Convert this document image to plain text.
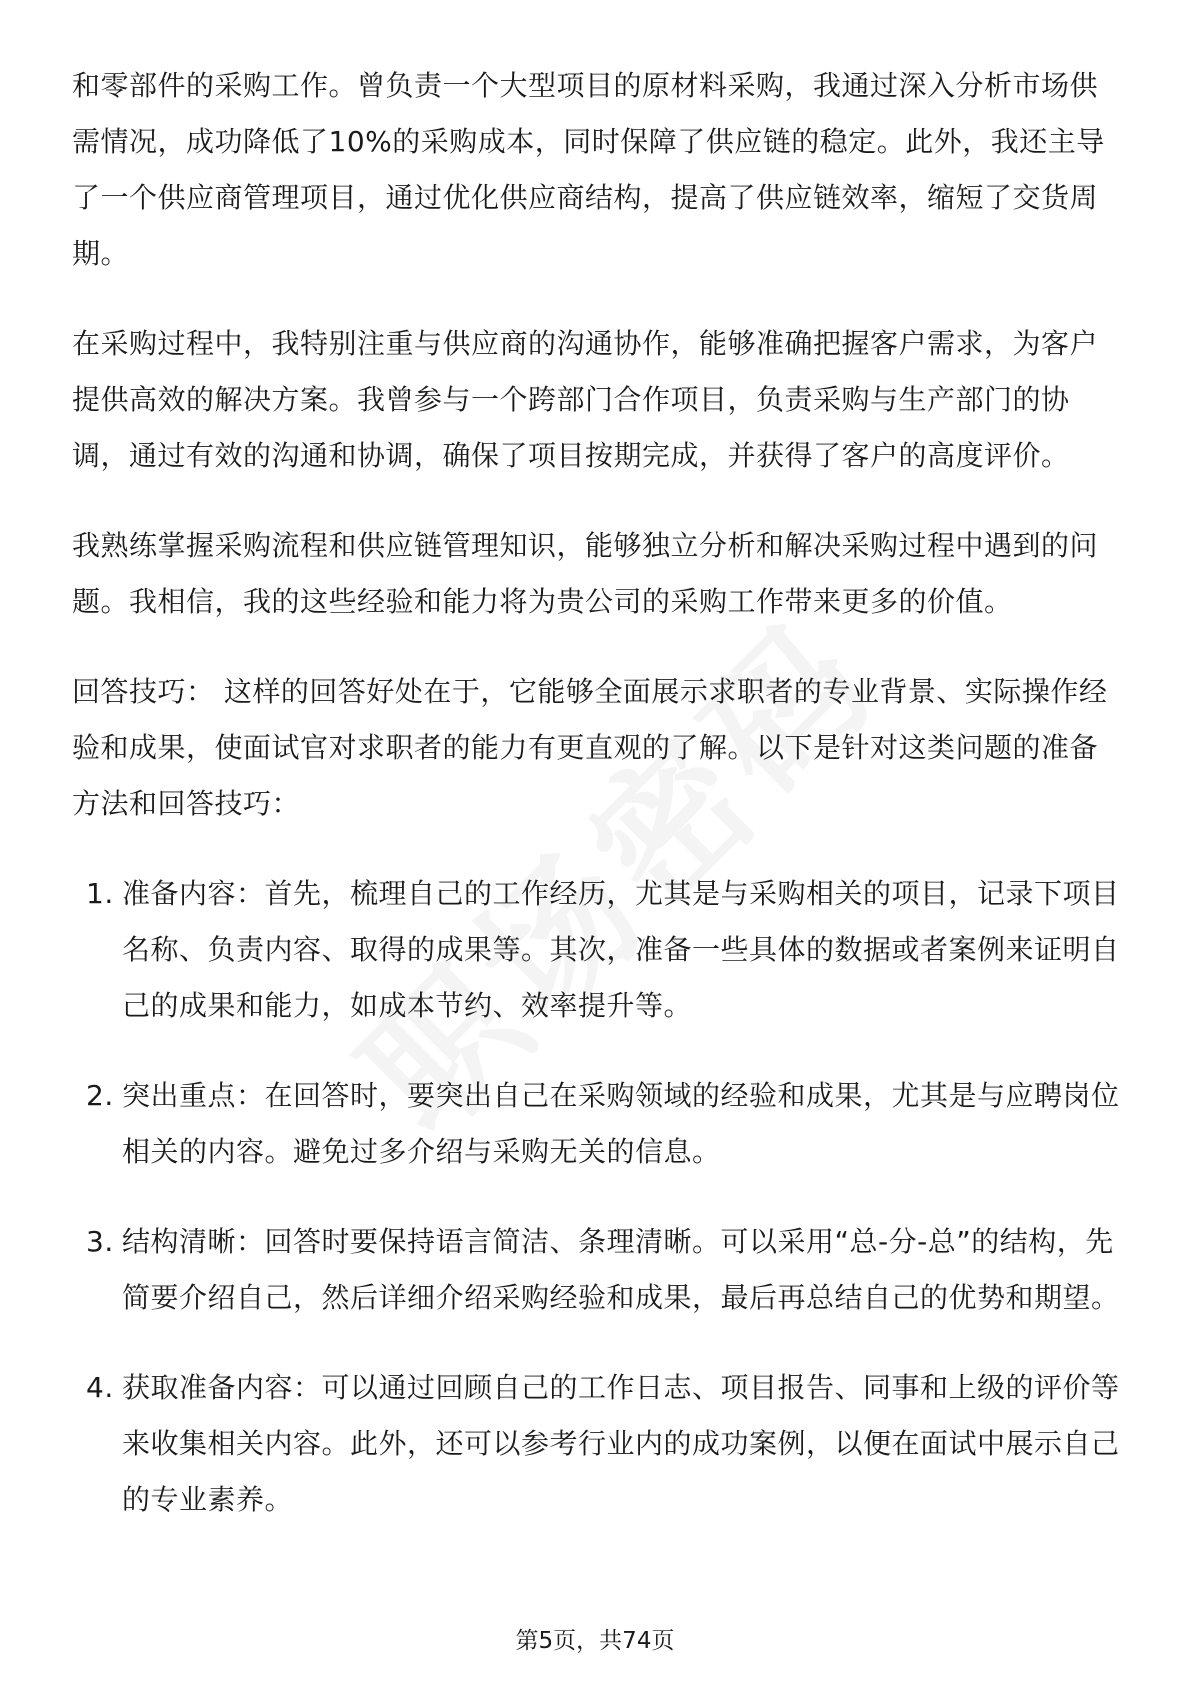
和零部件的采购工作。曾负责一个大型项目的原材料采购，我通过深入分析市场供需情况，成功降低了10%的采购成本，同时保障了供应链的稳定。此外，我还主导了一个供应商管理项目，通过优化供应商结构，提高了供应链效率，缩短了交货周期。

在采购过程中，我特别注重与供应商的沟通协作，能够准确把握客户需求，为客户提供高效的解决方案。我曾参与一个跨部门合作项目，负责采购与生产部门的协调，通过有效的沟通和协调，确保了项目按期完成，并获得了客户的高度评价。

我熟练掌握采购流程和供应链管理知识，能够独立分析和解决采购过程中遇到的问题。我相信，我的这些经验和能力将为贵公司的采购工作带来更多的价值。

回答技巧： 这样的回答好处在于，它能够全面展示求职者的专业背景、实际操作经验和成果，使面试官对求职者的能力有更直观的了解。以下是针对这类问题的准备方法和回答技巧：

1. 准备内容：首先，梳理自己的工作经历，尤其是与采购相关的项目，记录下项目名称、负责内容、取得的成果等。其次，准备一些具体的数据或者案例来证明自己的成果和能力，如成本节约、效率提升等。
2. 突出重点：在回答时，要突出自己在采购领域的经验和成果，尤其是与应聘岗位相关的内容。避免过多介绍与采购无关的信息。
3. 结构清晰：回答时要保持语言简洁、条理清晰。可以采用“总-分-总”的结构，先简要介绍自己，然后详细介绍采购经验和成果，最后再总结自己的优势和期望。
4. 获取准备内容：可以通过回顾自己的工作日志、项目报告、同事和上级的评价等来收集相关内容。此外，还可以参考行业内的成功案例，以便在面试中展示自己的专业素养。
第5页，共74页
